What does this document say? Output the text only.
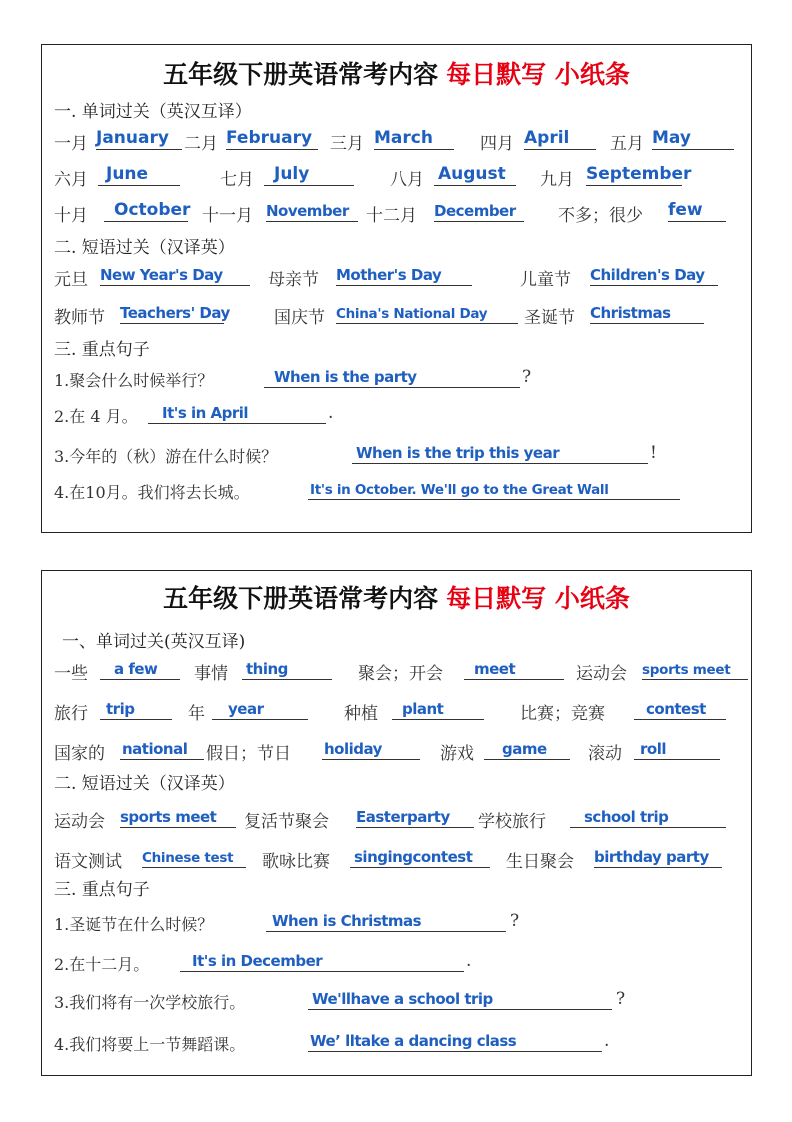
五年级下册英语常考内容 每日默写 小纸条
一. 单词过关（英汉互译）
一月 January 二月 February 三月 March	四月 April 五月 May
六月 June	七月 July	八月 August 九月 September
十月 October 十一月 November 十二月 December 不多；很少 few
二. 短语过关（汉译英）
元旦 New Year's Day	母亲节 Mother's Day	儿童节 Children's Day
教师节 Teachers' Day	国庆节 China's National Day 圣诞节 Christmas
三. 重点句子
1.聚会什么时候举行？	When is the party	?
2.在 4 月。 It's in April	.
3.今年的（秋）游在什么时候？	When is the trip this year	!
4.在10月。我们将去长城。	It's in October. We'll go to the Great Wall
五年级下册英语常考内容 每日默写 小纸条
一、单词过关(英汉互译)
一些 a few 事情 thing	聚会；开会 meet	运动会 sports meet
旅行 trip	年 year	种植 plant	比赛；竞赛	contest
国家的 national 假日；节日 holiday	游戏 game 滚动 roll
二. 短语过关（汉译英）
运动会 sports meet 复活节聚会 Easterparty 学校旅行	school trip
语文测试 Chinese test 歌咏比赛 singingcontest 生日聚会 birthday party
三. 重点句子
1.圣诞节在什么时候？	When is Christmas	?
2.在十二月。	It's in December	.
3.我们将有一次学校旅行。	We'llhave a school trip	?
4.我们将要上一节舞蹈课。	We’ lltake a dancing class	.
